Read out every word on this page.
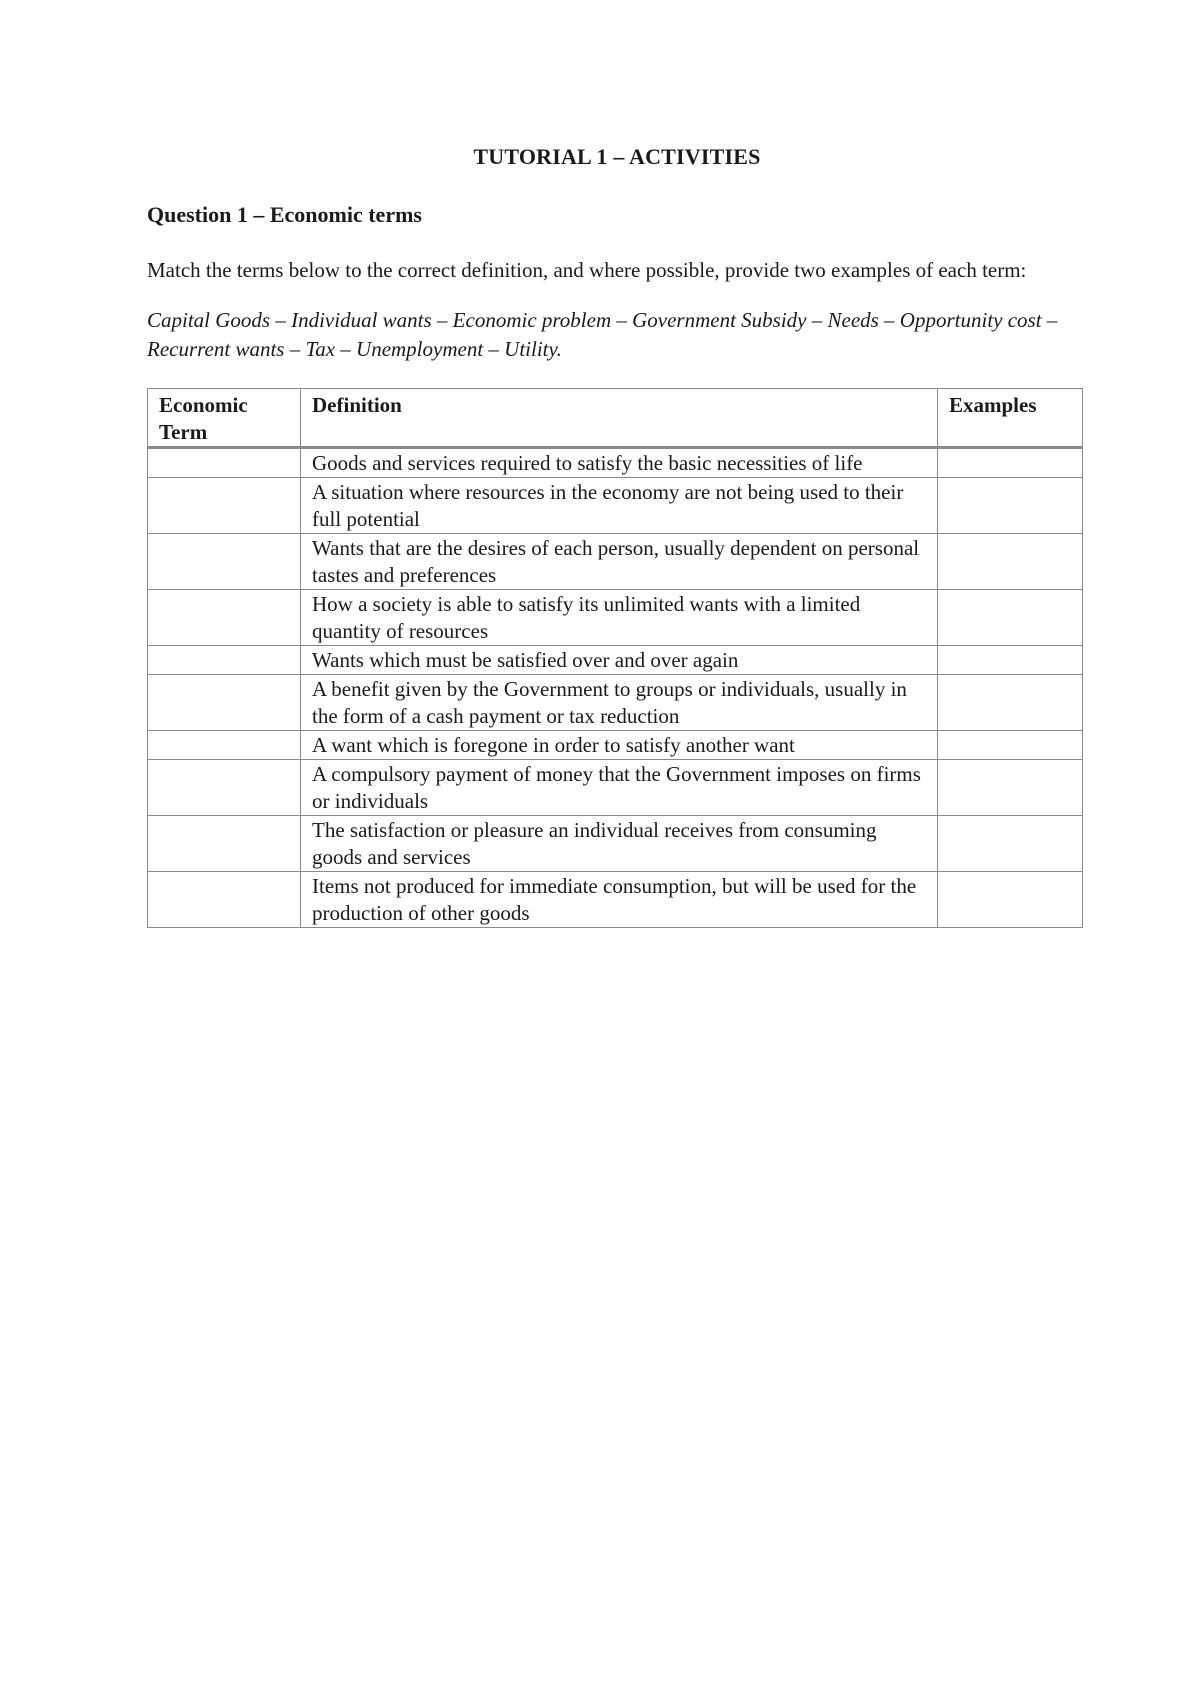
TUTORIAL 1 – ACTIVITIES
Question 1 – Economic terms

Match the terms below to the correct definition, and where possible, provide two examples of each term:

Capital Goods – Individual wants – Economic problem – Government Subsidy – Needs – Opportunity cost – Recurrent wants – Tax – Unemployment – Utility.

Economic Term	Definition	Examples
	Goods and services required to satisfy the basic necessities of life	
	A situation where resources in the economy are not being used to their full potential	
	Wants that are the desires of each person, usually dependent on personal tastes and preferences	
	How a society is able to satisfy its unlimited wants with a limited quantity of resources	
	Wants which must be satisfied over and over again	
	A benefit given by the Government to groups or individuals, usually in the form of a cash payment or tax reduction	
	A want which is foregone in order to satisfy another want	
	A compulsory payment of money that the Government imposes on firms or individuals	
	The satisfaction or pleasure an individual receives from consuming goods and services	
	Items not produced for immediate consumption, but will be used for the production of other goods	
